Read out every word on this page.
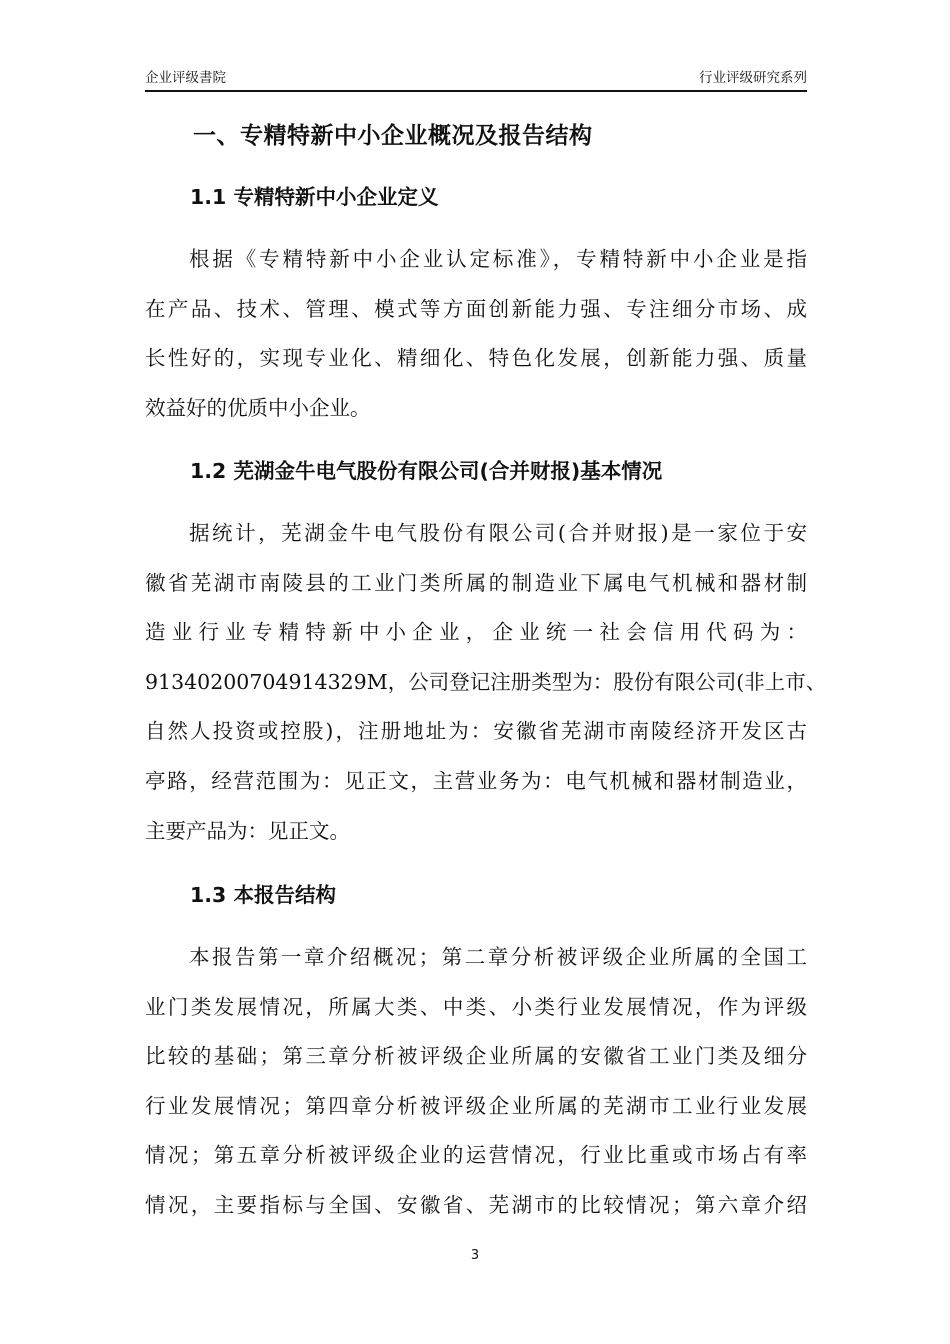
企业评级書院	行业评级研究系列
一、专精特新中小企业概况及报告结构
1.1 专精特新中小企业定义
根据《专精特新中小企业认定标准》，专精特新中小企业是指
在产品、技术、管理、模式等方面创新能力强、专注细分市场、成
长性好的，实现专业化、精细化、特色化发展，创新能力强、质量
效益好的优质中小企业。
1.2 芜湖金牛电气股份有限公司(合并财报)基本情况
据统计，芜湖金牛电气股份有限公司(合并财报)是一家位于安
徽省芜湖市南陵县的工业门类所属的制造业下属电气机械和器材制
造业行业专精特新中小企业，企业统一社会信用代码为：
91340200704914329M，公司登记注册类型为：股份有限公司(非上市、
自然人投资或控股)，注册地址为：安徽省芜湖市南陵经济开发区古
亭路，经营范围为：见正文，主营业务为：电气机械和器材制造业，
主要产品为：见正文。
1.3 本报告结构
本报告第一章介绍概况；第二章分析被评级企业所属的全国工
业门类发展情况，所属大类、中类、小类行业发展情况，作为评级
比较的基础；第三章分析被评级企业所属的安徽省工业门类及细分
行业发展情况；第四章分析被评级企业所属的芜湖市工业行业发展
情况；第五章分析被评级企业的运营情况，行业比重或市场占有率
情况，主要指标与全国、安徽省、芜湖市的比较情况；第六章介绍
3
